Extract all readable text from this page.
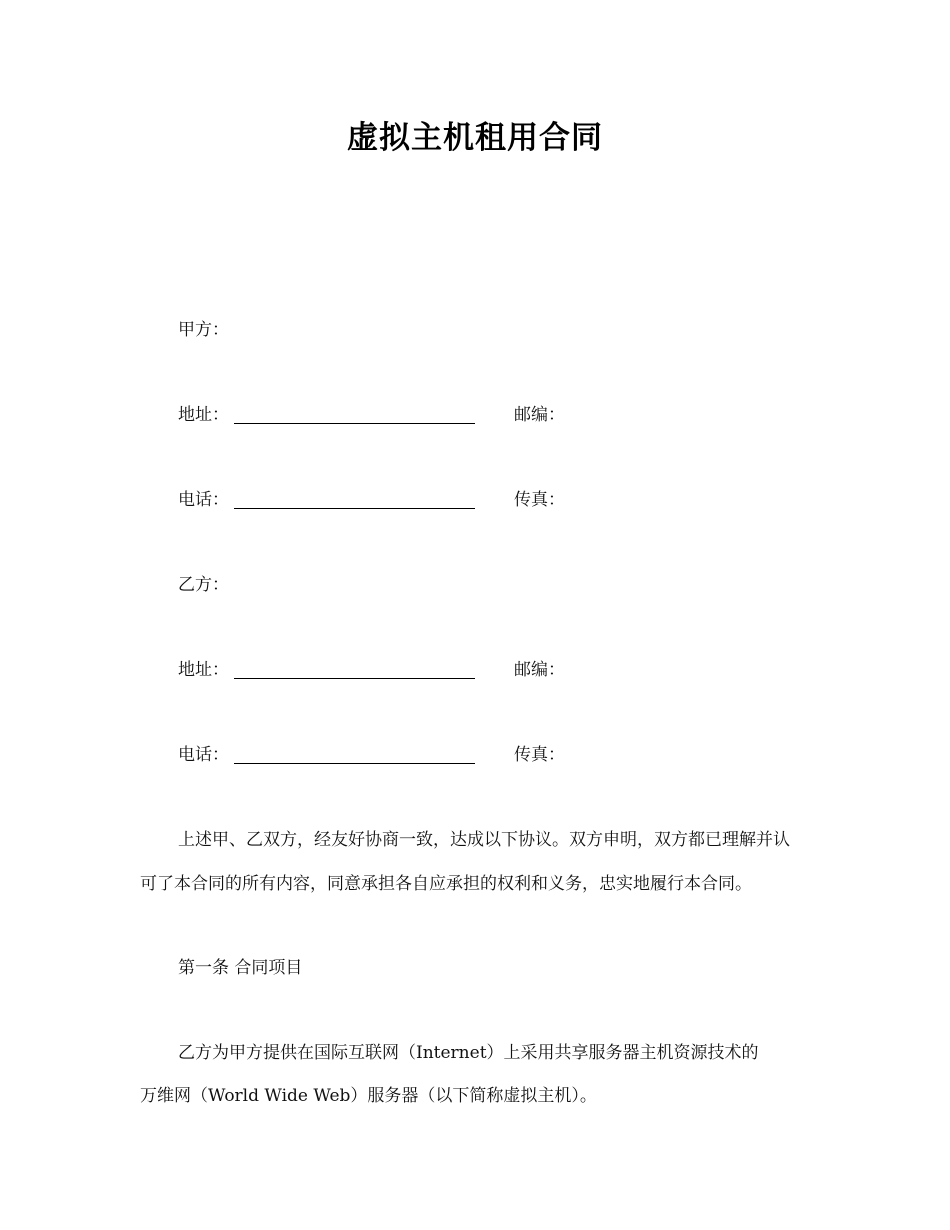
虚拟主机租用合同
甲方：
地址：	邮编：
电话：	传真：
乙方：
地址：	邮编：
电话：	传真：
上述甲、乙双方，经友好协商一致，达成以下协议。双方申明，双方都已理解并认
可了本合同的所有内容，同意承担各自应承担的权利和义务，忠实地履行本合同。
第一条 合同项目
乙方为甲方提供在国际互联网（Internet）上采用共享服务器主机资源技术的
万维网（World Wide Web）服务器（以下简称虚拟主机）。
